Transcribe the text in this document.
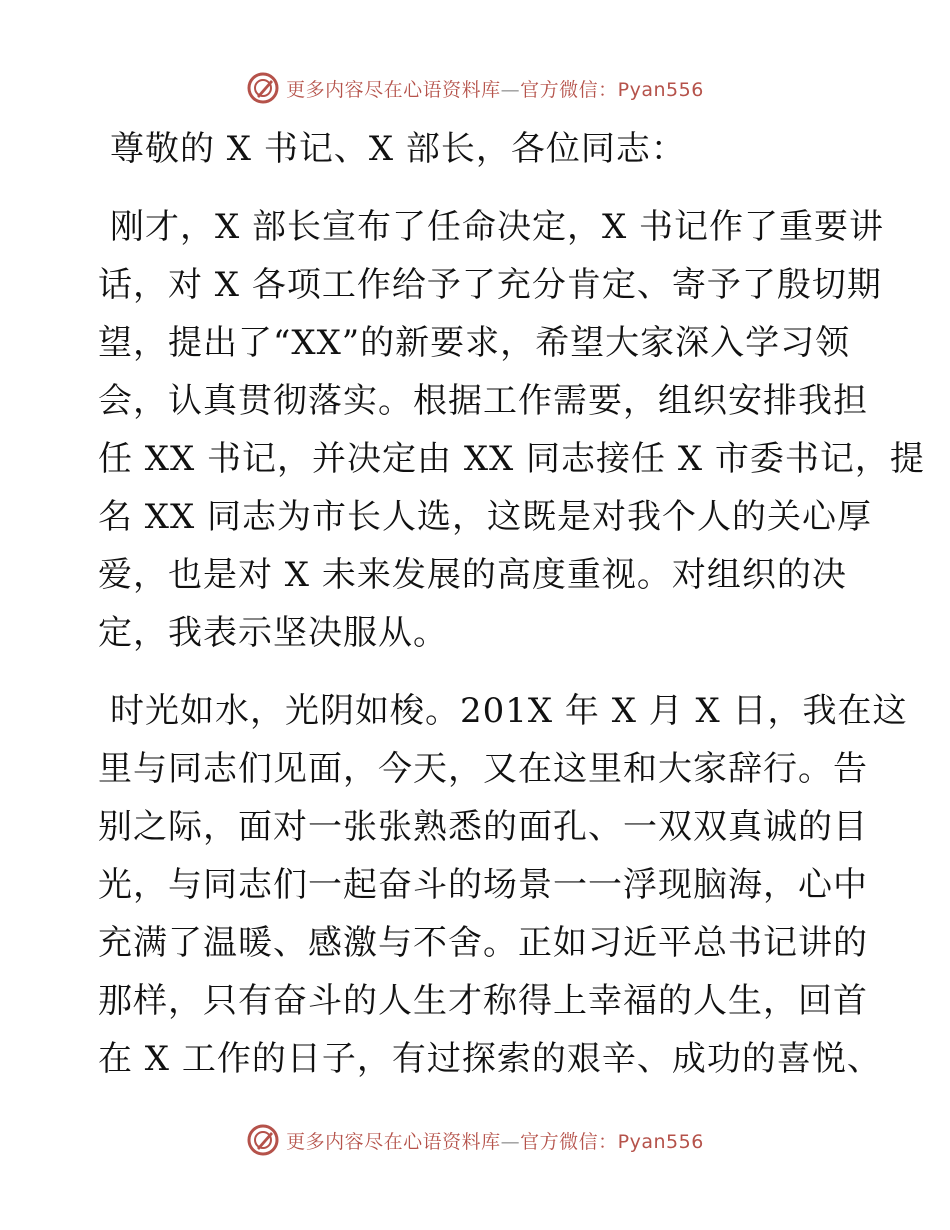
更多内容尽在心语资料库—官方微信：Pyan556
尊敬的 X 书记、X 部长，各位同志：
刚才，X 部长宣布了任命决定，X 书记作了重要讲
话，对 X 各项工作给予了充分肯定、寄予了殷切期
望，提出了“XX”的新要求，希望大家深入学习领
会，认真贯彻落实。根据工作需要，组织安排我担
任 XX 书记，并决定由 XX 同志接任 X 市委书记，提
名 XX 同志为市长人选，这既是对我个人的关心厚
爱，也是对 X 未来发展的高度重视。对组织的决
定，我表示坚决服从。
时光如水，光阴如梭。201X 年 X 月 X 日，我在这
里与同志们见面，今天，又在这里和大家辞行。告
别之际，面对一张张熟悉的面孔、一双双真诚的目
光，与同志们一起奋斗的场景一一浮现脑海，心中
充满了温暖、感激与不舍。正如习近平总书记讲的
那样，只有奋斗的人生才称得上幸福的人生，回首
在 X 工作的日子，有过探索的艰辛、成功的喜悦、
更多内容尽在心语资料库—官方微信：Pyan556
